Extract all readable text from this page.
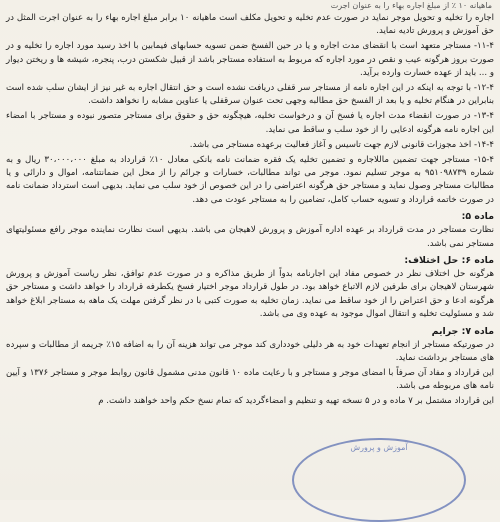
ماهیانه ۱۰ ٪ از مبلغ اجاره بهاء را به عنوان اجرت

اجاره را تخلیه و تحویل موجر نماید در صورت عدم تخلیه و تحویل مکلف است ماهیانه ۱۰ برابر مبلغ اجاره بهاء را به عنوان اجرت المثل در حق آموزش و پرورش تادیه نماید.

۱۱-۴- مستاجر متعهد است با انقضای مدت اجاره و یا در حین الفسخ ضمن تسویه حسابهای فیمابین با اخذ رسید مورد اجاره را تخلیه و در صورت بروز هرگونه عیب و نقص در مورد اجاره که مربوط به استفاده مستاجر باشد از قبیل شکستن درب، پنجره، شیشه ها و ریختن دیوار و ... باید از عهده خسارت وارده برآید.

۱۲-۴- با توجه به اینکه در این اجاره نامه از مستاجر سر قفلی دریافت نشده است و حق انتقال اجاره به غیر نیز از ایشان سلب شده است بنابراین در هنگام تخلیه و یا بعد از الفسخ حق مطالبه وجهی تحت عنوان سرقفلی یا عناوین مشابه را نخواهد داشت.

۱۳-۴- در صورت انقضاء مدت اجاره یا فسخ آن و درخواست تخلیه، هیچگونه حق و حقوق برای مستاجر متصور نبوده و مستاجر با امضاء این اجاره نامه هرگونه ادعایی را از خود سلب و ساقط می نماید.

۱۴-۴- اخذ مجوزات قانونی لازم جهت تاسیس و آغاز فعالیت برعهده مستاجر می باشد.

۱۵-۴- مستاجر جهت تضمین ماللاجاره و تضمین تخلیه یک فقره ضمانت نامه بانکی معادل ۱۰٪ قرارداد به مبلغ ۳۰،۰۰۰،۰۰۰ ریال و به شماره ۹۵۱۰۹۸۷۳۹ به موجر تسلیم نمود. موجر می تواند مطالبات، خسارات و جرائم را از محل این ضمانتنامه، اموال و دارائی و یا مطالبات مستاجر وصول نماید و مستاجر حق هرگونه اعتراضی را در این خصوص از خود سلب می نماید. بدیهی است استرداد ضمانت نامه در صورت خاتمه قرارداد و تسویه حساب کامل، تضامین را به مستاجر عودت می دهد.

ماده ۵:

نظارت مستاجر در مدت قرارداد بر عهده اداره آموزش و پرورش لاهیجان می باشد. بدیهی است نظارت نماینده موجر رافع مسئولیتهای مستاجر نمی باشد.

ماده ۶: حل اختلاف:

هرگونه حل اختلاف نظر در خصوص مفاد این اجارنامه بدواً از طریق مذاکره و در صورت عدم توافق، نظر ریاست آموزش و پرورش شهرستان لاهیجان برای طرفین لازم الاتباع خواهد بود. در طول قرارداد موجر اختیار فسخ یکطرفه قرارداد را خواهد داشت و مستاجر حق هرگونه ادعا و حق اعتراض را از خود ساقط می نماید. زمان تخلیه به صورت کتبی با در نظر گرفتن مهلت یک ماهه به مستاجر ابلاغ خواهد شد و مسئولیت تخلیه و انتقال اموال موجود به عهده وی می باشد.

ماده ۷: جرایم

در صورتیکه مستاجر از انجام تعهدات خود به هر دلیلی خودداری کند موجر می تواند هزینه آن را به اضافه ۱۵٪ جریمه از مطالبات و سپرده های مستاجر برداشت نماید.

این قرارداد و مفاد آن صرفاً با امضای موجر و مستاجر و با رعایت ماده ۱۰ قانون مدنی مشمول قانون روابط موجر و مستاجر ۱۳۷۶ و آیین نامه های مربوطه می باشد.

این قرارداد مشتمل بر ۷ ماده و در ۵ نسخه تهیه و تنظیم و امضاءگردید که تمام نسخ حکم واحد خواهند داشت. م

آموزش و پرورش
